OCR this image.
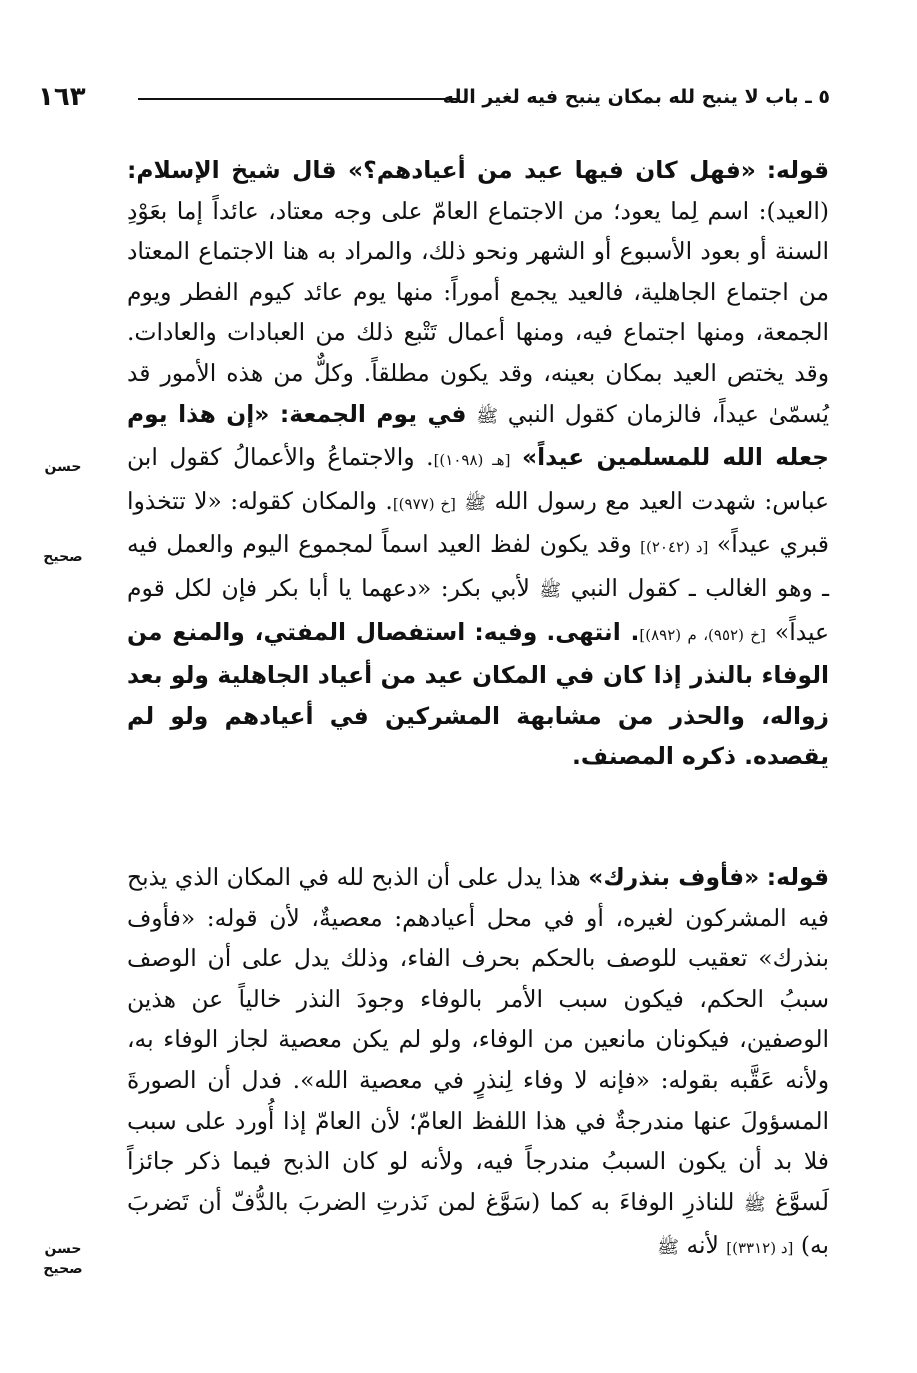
٥ ـ باب لا ينبح لله بمكان ينبح فيه لغير الله
١٦٣

قوله: «فهل كان فيها عيد من أعيادهم؟» قال شيخ الإسلام: (العيد): اسم لِما يعود؛ من الاجتماع العامّ على وجه معتاد، عائداً إما بعَوْدِ السنة أو بعود الأسبوع أو الشهر ونحو ذلك، والمراد به هنا الاجتماع المعتاد من اجتماع الجاهلية، فالعيد يجمع أموراً: منها يوم عائد كيوم الفطر ويوم الجمعة، ومنها اجتماع فيه، ومنها أعمال تَتْبع ذلك من العبادات والعادات. وقد يختص العيد بمكان بعينه، وقد يكون مطلقاً. وكلٌّ من هذه الأمور قد يُسمّىٰ عيداً، فالزمان كقول النبي ﷺ في يوم الجمعة: «إن هذا يوم جعله الله للمسلمين عيداً» [هـ (١٠٩٨)]. والاجتماعُ والأعمالُ كقول ابن عباس: شهدت العيد مع رسول الله ﷺ [خ (٩٧٧)]. والمكان كقوله: «لا تتخذوا قبري عيداً» [د (٢٠٤٢)] وقد يكون لفظ العيد اسماً لمجموع اليوم والعمل فيه ـ وهو الغالب ـ كقول النبي ﷺ لأبي بكر: «دعهما يا أبا بكر فإن لكل قوم عيداً» [خ (٩٥٢)، م (٨٩٢)]. انتهى. وفيه: استفصال المفتي، والمنع من الوفاء بالنذر إذا كان في المكان عيد من أعياد الجاهلية ولو بعد زواله، والحذر من مشابهة المشركين في أعيادهم ولو لم يقصده. ذكره المصنف.

قوله: «فأوف بنذرك» هذا يدل على أن الذبح لله في المكان الذي يذبح فيه المشركون لغيره، أو في محل أعيادهم: معصيةٌ، لأن قوله: «فأوف بنذرك» تعقيب للوصف بالحكم بحرف الفاء، وذلك يدل على أن الوصف سببُ الحكم، فيكون سبب الأمر بالوفاء وجودَ النذر خالياً عن هذين الوصفين، فيكونان مانعين من الوفاء، ولو لم يكن معصية لجاز الوفاء به، ولأنه عَقَّبه بقوله: «فإنه لا وفاء لِنذرٍ في معصية الله». فدل أن الصورةَ المسؤولَ عنها مندرجةٌ في هذا اللفظ العامّ؛ لأن العامّ إذا أُورد على سبب فلا بد أن يكون السببُ مندرجاً فيه، ولأنه لو كان الذبح فيما ذكر جائزاً لَسوَّغ ﷺ للناذرِ الوفاءَ به كما (سَوَّغ لمن نَذرتِ الضربَ بالدُّفّ أن تَضربَ به) [د (٣٣١٢)] لأنه ﷺ

حسن
صحيح
حسن
صحيح
